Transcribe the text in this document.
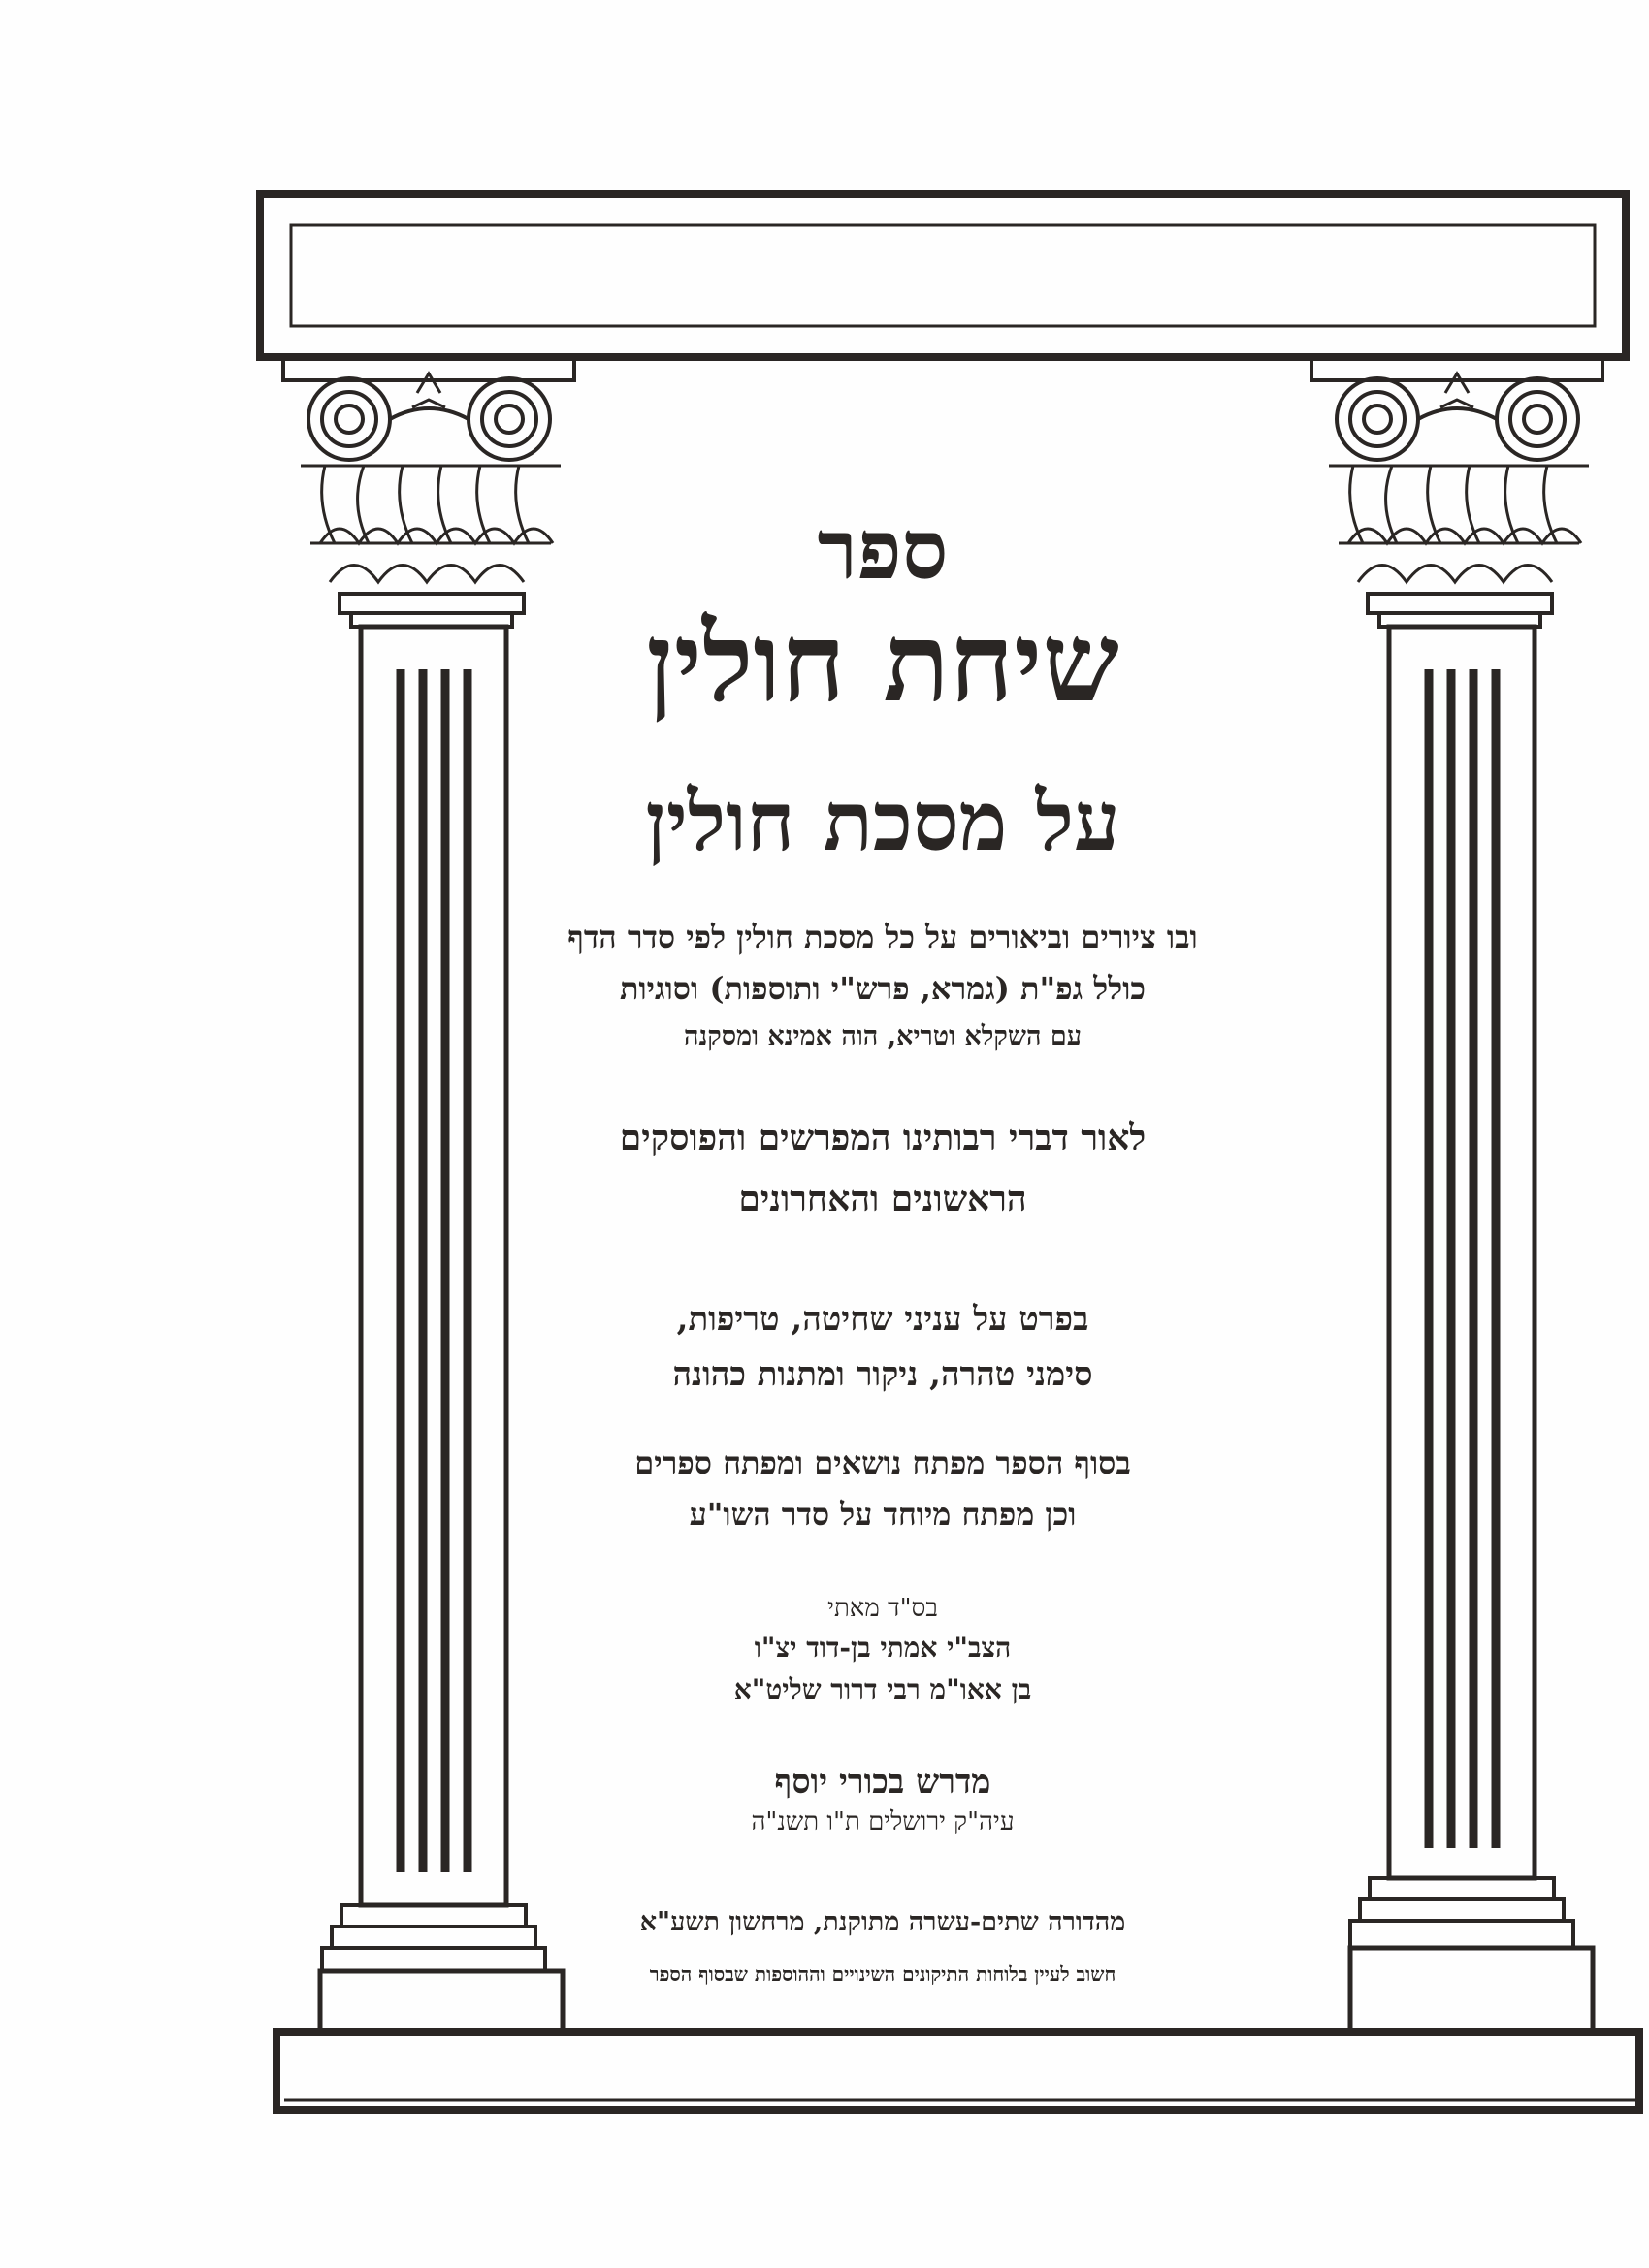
ספר
שיחת חולין
על מסכת חולין
ובו ציורים וביאורים על כל מסכת חולין לפי סדר הדף
כולל גפ"ת (גמרא, פרש"י ותוספות) וסוגיות
עם השקלא וטריא, הוה אמינא ומסקנה
לאור דברי רבותינו המפרשים והפוסקים
הראשונים והאחרונים
בפרט על עניני שחיטה, טריפות,
סימני טהרה, ניקור ומתנות כהונה
בסוף הספר מפתח נושאים ומפתח ספרים
וכן מפתח מיוחד על סדר השו"ע
בס"ד מאתי
הצב"י אמתי בן-דוד יצ"ו
בן אאו"מ רבי דרור שליט"א
מדרש בכורי יוסף
עיה"ק ירושלים ת"ו תשנ"ה
מהדורה שתים-עשרה מתוקנת, מרחשון תשע"א
חשוב לעיין בלוחות התיקונים השינויים וההוספות שבסוף הספר
